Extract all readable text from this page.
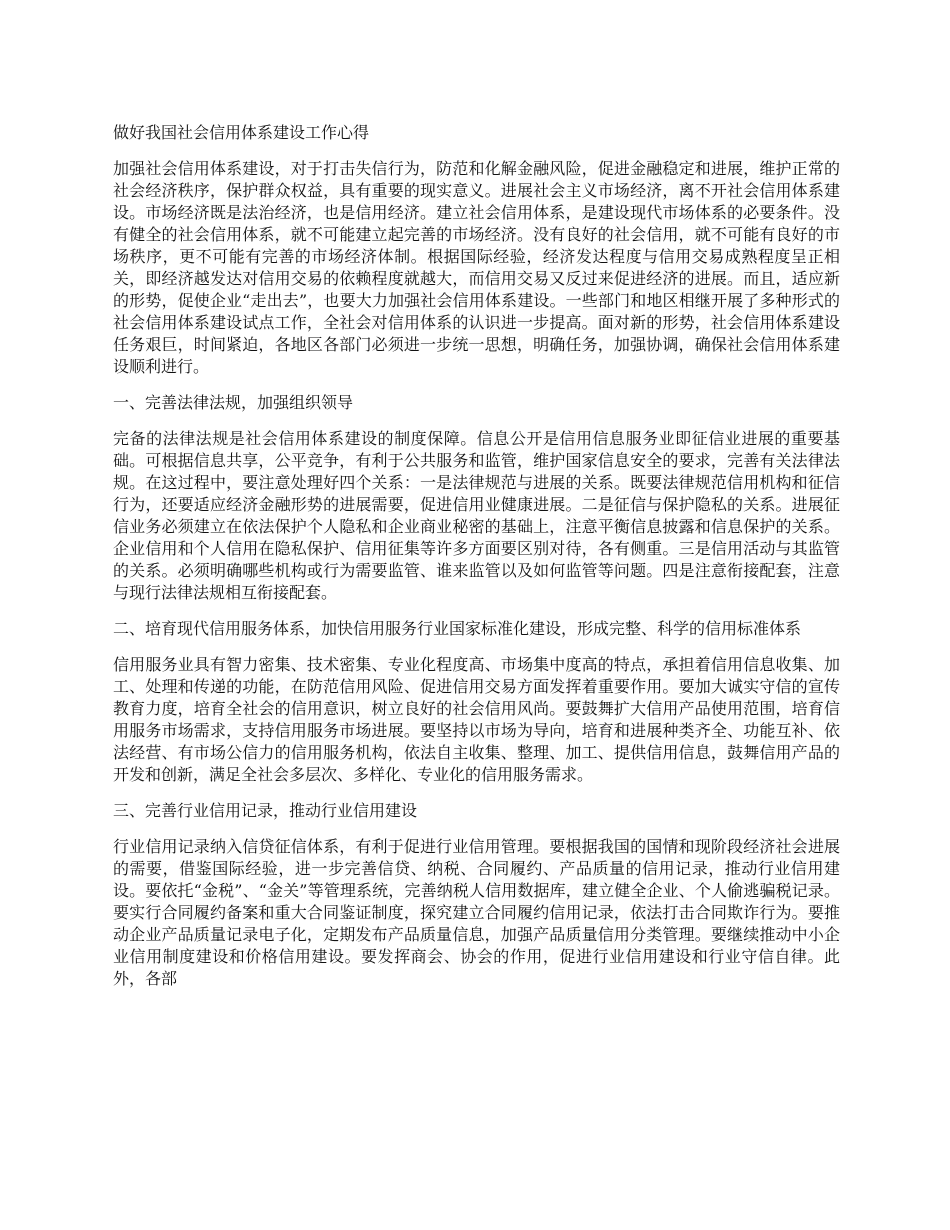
做好我国社会信用体系建设工作心得

加强社会信用体系建设，对于打击失信行为，防范和化解金融风险，促进金融稳定和进展，维护正常的社会经济秩序，保护群众权益，具有重要的现实意义。进展社会主义市场经济，离不开社会信用体系建设。市场经济既是法治经济，也是信用经济。建立社会信用体系，是建设现代市场体系的必要条件。没有健全的社会信用体系，就不可能建立起完善的市场经济。没有良好的社会信用，就不可能有良好的市场秩序，更不可能有完善的市场经济体制。根据国际经验，经济发达程度与信用交易成熟程度呈正相关，即经济越发达对信用交易的依赖程度就越大，而信用交易又反过来促进经济的进展。而且，适应新的形势，促使企业“走出去”，也要大力加强社会信用体系建设。一些部门和地区相继开展了多种形式的社会信用体系建设试点工作，全社会对信用体系的认识进一步提高。面对新的形势，社会信用体系建设任务艰巨，时间紧迫，各地区各部门必须进一步统一思想，明确任务，加强协调，确保社会信用体系建设顺利进行。

一、完善法律法规，加强组织领导

完备的法律法规是社会信用体系建设的制度保障。信息公开是信用信息服务业即征信业进展的重要基础。可根据信息共享，公平竞争，有利于公共服务和监管，维护国家信息安全的要求，完善有关法律法规。在这过程中，要注意处理好四个关系：一是法律规范与进展的关系。既要法律规范信用机构和征信行为，还要适应经济金融形势的进展需要，促进信用业健康进展。二是征信与保护隐私的关系。进展征信业务必须建立在依法保护个人隐私和企业商业秘密的基础上，注意平衡信息披露和信息保护的关系。企业信用和个人信用在隐私保护、信用征集等许多方面要区别对待，各有侧重。三是信用活动与其监管的关系。必须明确哪些机构或行为需要监管、谁来监管以及如何监管等问题。四是注意衔接配套，注意与现行法律法规相互衔接配套。

二、培育现代信用服务体系，加快信用服务行业国家标准化建设，形成完整、科学的信用标准体系

信用服务业具有智力密集、技术密集、专业化程度高、市场集中度高的特点，承担着信用信息收集、加工、处理和传递的功能，在防范信用风险、促进信用交易方面发挥着重要作用。要加大诚实守信的宣传教育力度，培育全社会的信用意识，树立良好的社会信用风尚。要鼓舞扩大信用产品使用范围，培育信用服务市场需求，支持信用服务市场进展。要坚持以市场为导向，培育和进展种类齐全、功能互补、依法经营、有市场公信力的信用服务机构，依法自主收集、整理、加工、提供信用信息，鼓舞信用产品的开发和创新，满足全社会多层次、多样化、专业化的信用服务需求。

三、完善行业信用记录，推动行业信用建设

行业信用记录纳入信贷征信体系，有利于促进行业信用管理。要根据我国的国情和现阶段经济社会进展的需要，借鉴国际经验，进一步完善信贷、纳税、合同履约、产品质量的信用记录，推动行业信用建设。要依托“金税”、“金关”等管理系统，完善纳税人信用数据库，建立健全企业、个人偷逃骗税记录。要实行合同履约备案和重大合同鉴证制度，探究建立合同履约信用记录，依法打击合同欺诈行为。要推动企业产品质量记录电子化，定期发布产品质量信息，加强产品质量信用分类管理。要继续推动中小企业信用制度建设和价格信用建设。要发挥商会、协会的作用，促进行业信用建设和行业守信自律。此外，各部
